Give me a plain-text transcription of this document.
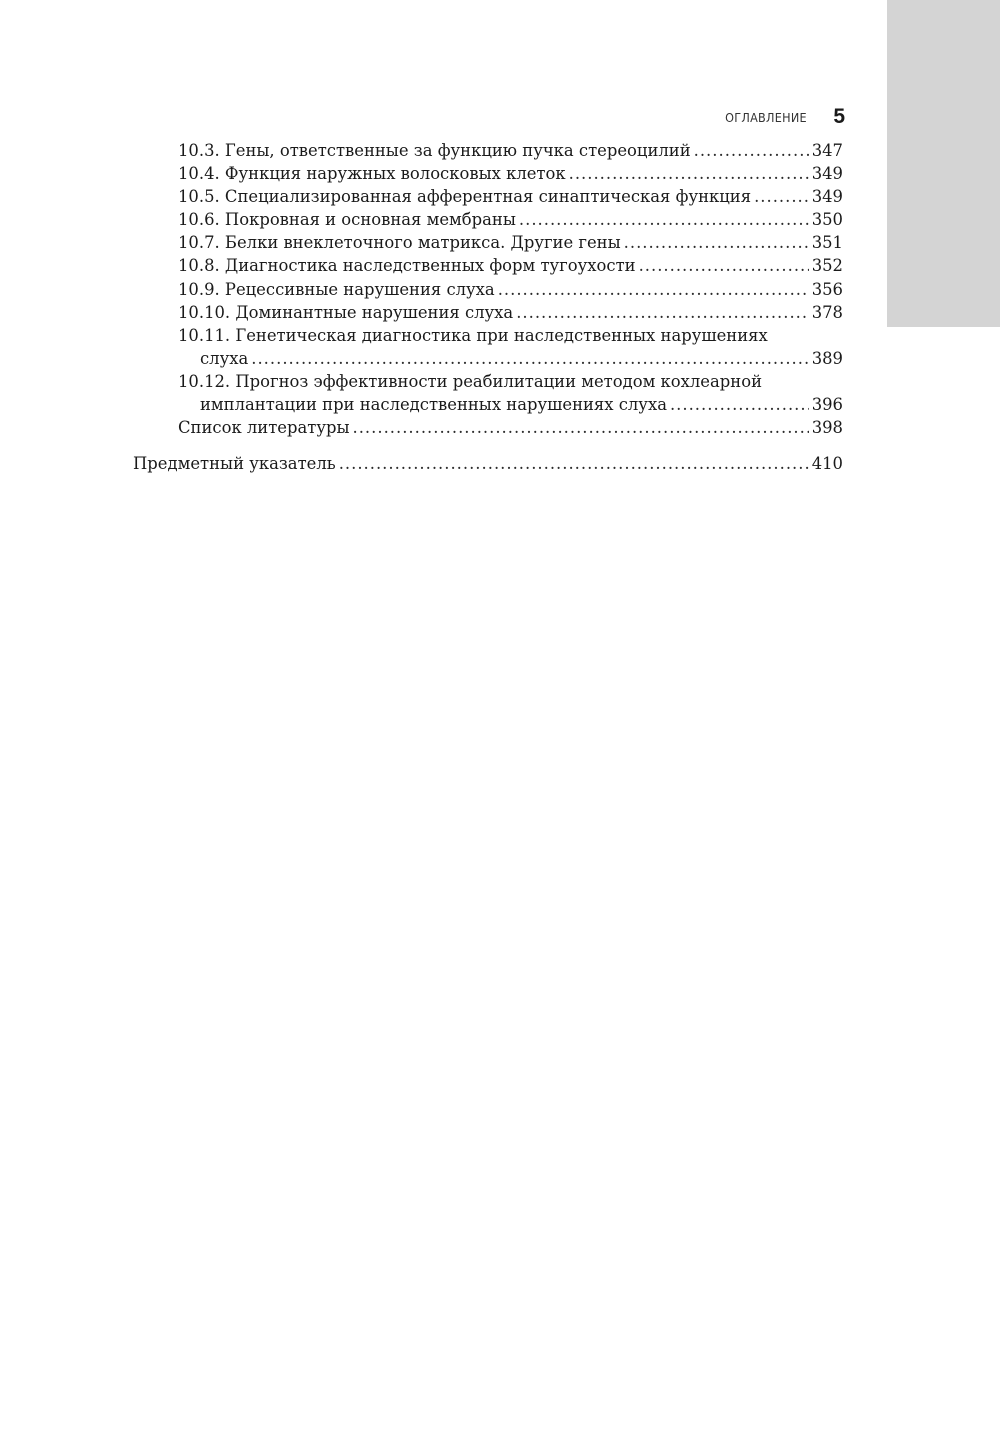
ОГЛАВЛЕНИЕ 5
10.3. Гены, ответственные за функцию пучка стереоцилий .....	347
10.4. Функция наружных волосковых клеток .....	349
10.5. Специализированная афферентная синаптическая функция .....	349
10.6. Покровная и основная мембраны .....	350
10.7. Белки внеклеточного матрикса. Другие гены .....	351
10.8. Диагностика наследственных форм тугоухости .....	352
10.9. Рецессивные нарушения слуха .....	356
10.10. Доминантные нарушения слуха .....	378
10.11. Генетическая диагностика при наследственных нарушениях
слуха .....	389
10.12. Прогноз эффективности реабилитации методом кохлеарной
имплантации при наследственных нарушениях слуха .....	396
Список литературы .....	398
Предметный указатель .....	410
